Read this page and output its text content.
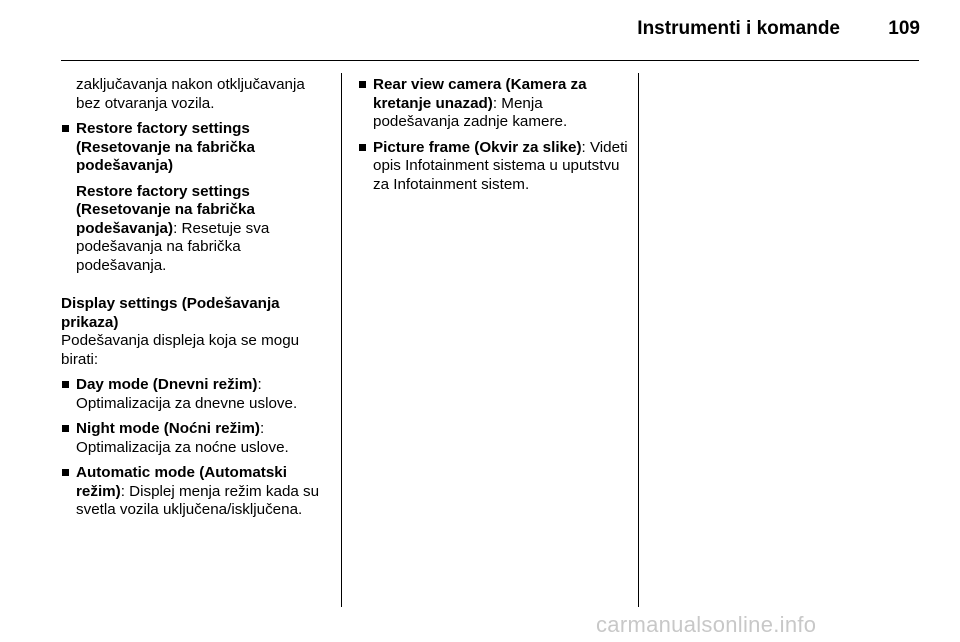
Instrumenti i komande	109
zaključavanja nakon otključavanja bez otvaranja vozila.
Restore factory settings (Resetovanje na fabrička podešavanja)
Restore factory settings (Resetovanje na fabrička podešavanja): Resetuje sva podešavanja na fabrička podešavanja.
Display settings (Podešavanja prikaza)
Podešavanja displeja koja se mogu birati:
Day mode (Dnevni režim): Optimalizacija za dnevne uslove.
Night mode (Noćni režim): Optimalizacija za noćne uslove.
Automatic mode (Automatski režim): Displej menja režim kada su svetla vozila uključena/isključena.
Rear view camera (Kamera za kretanje unazad): Menja podešavanja zadnje kamere.
Picture frame (Okvir za slike): Videti opis Infotainment sistema u uputstvu za Infotainment sistem.
carmanualsonline.info
